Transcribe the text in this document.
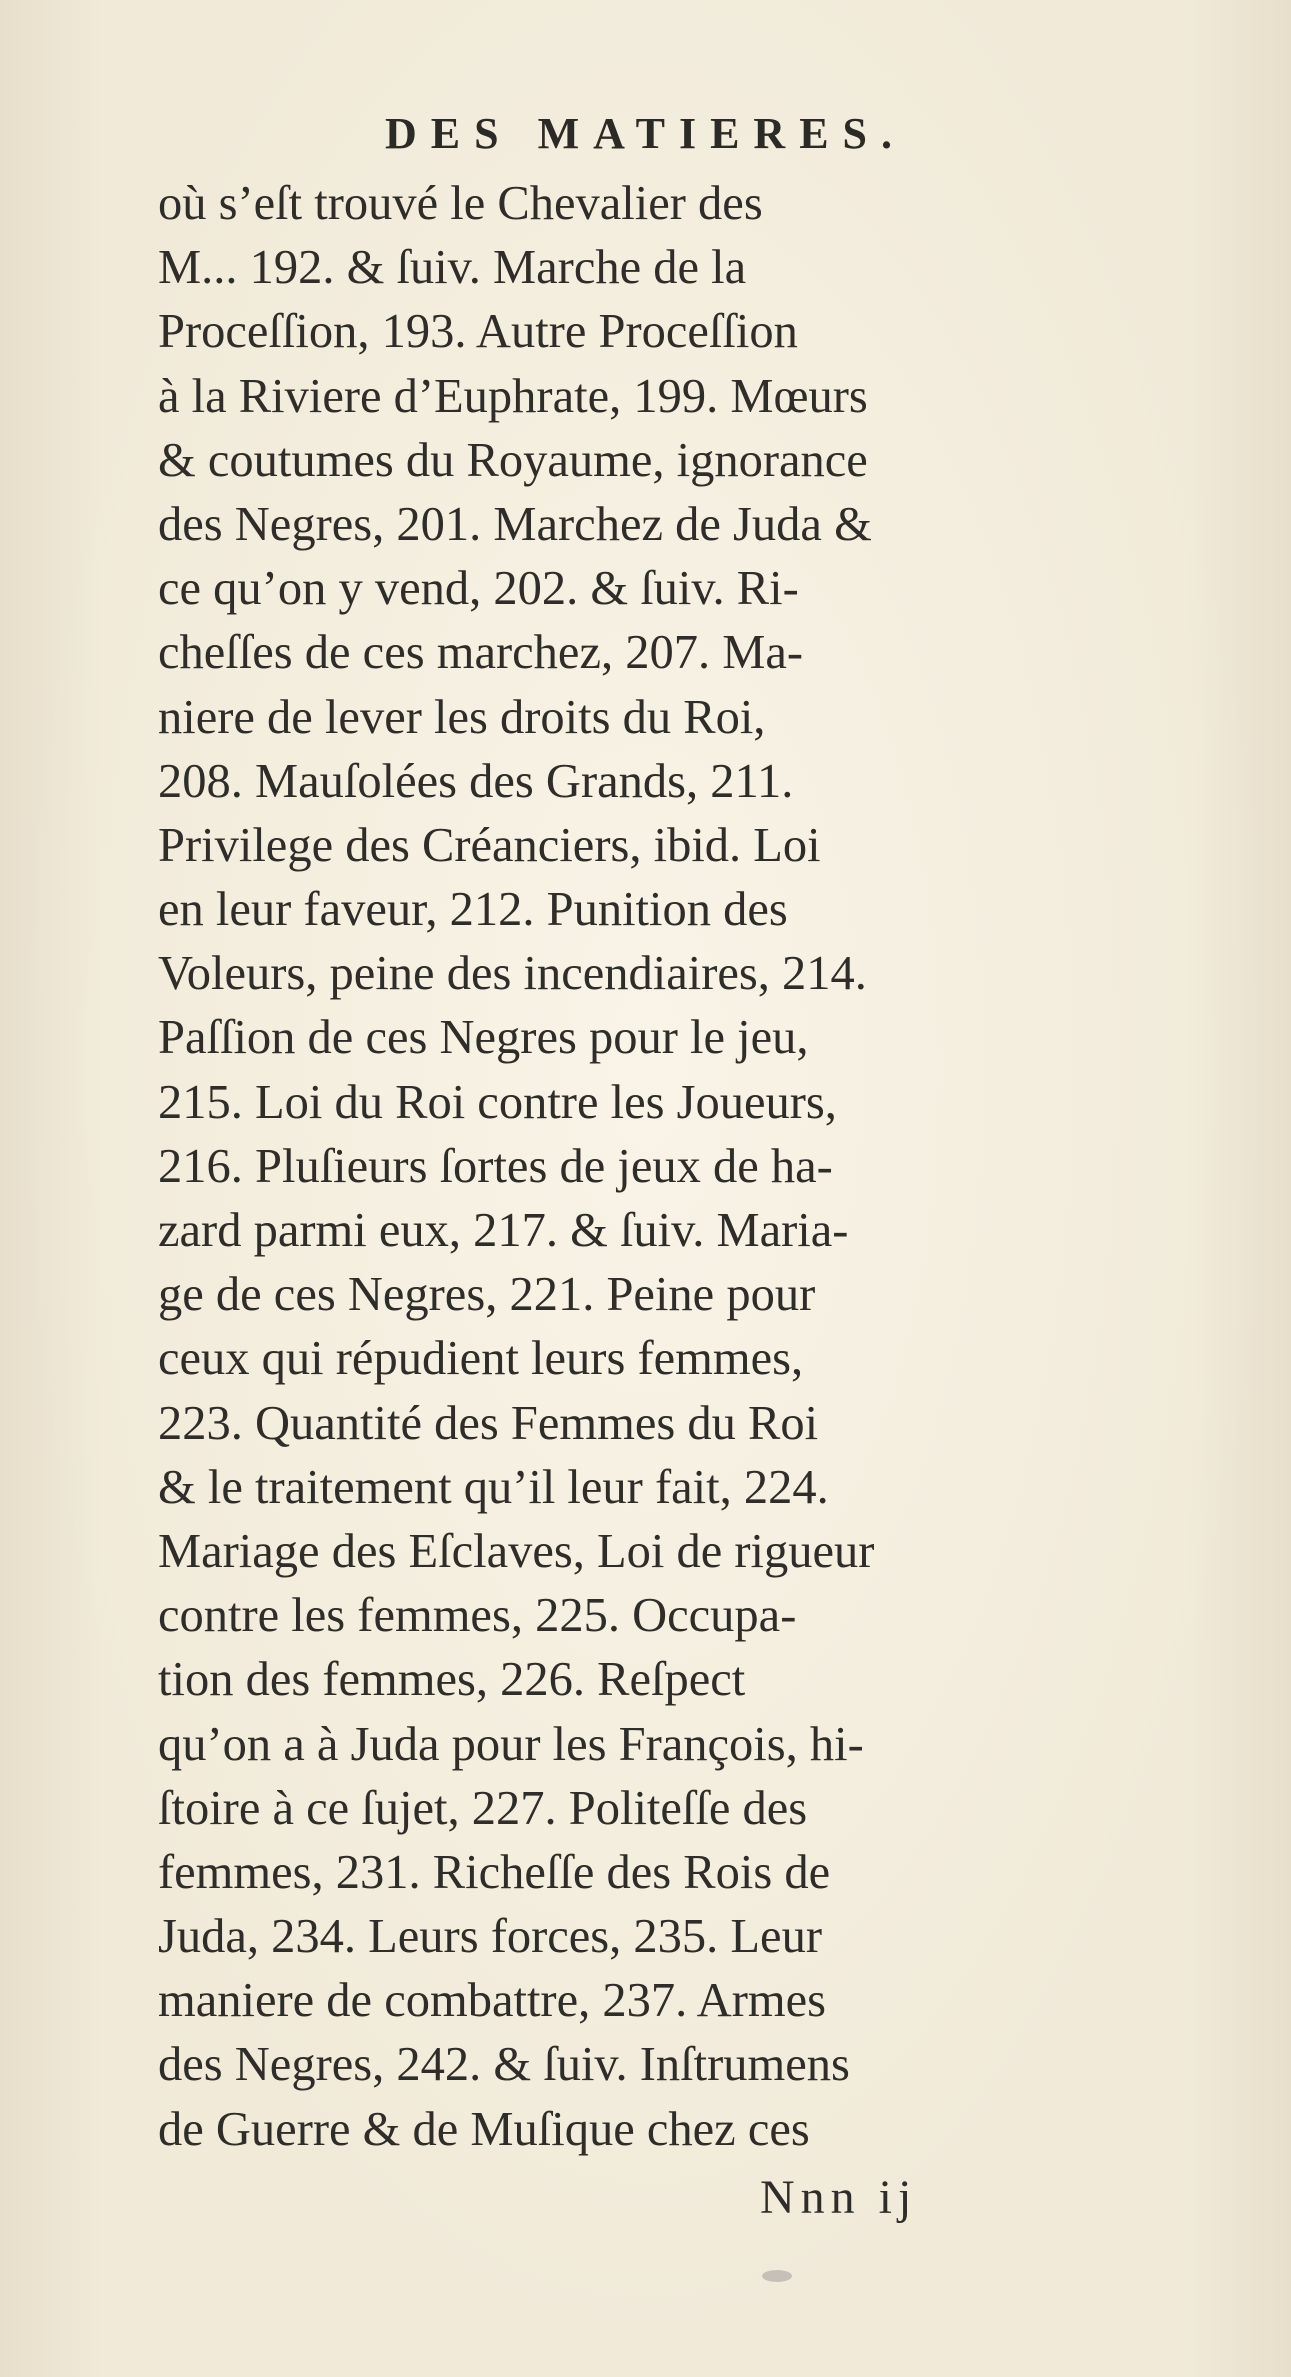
DES MATIERES.
où s’eſt trouvé le Chevalier des
M... 192. & ſuiv. Marche de la
Proceſſion, 193. Autre Proceſſion
à la Riviere d’Euphrate, 199. Mœurs
& coutumes du Royaume, ignorance
des Negres, 201. Marchez de Juda &
ce qu’on y vend, 202. & ſuiv. Ri-
cheſſes de ces marchez, 207. Ma-
niere de lever les droits du Roi,
208. Mauſolées des Grands, 211.
Privilege des Créanciers, ibid. Loi
en leur faveur, 212. Punition des
Voleurs, peine des incendiaires, 214.
Paſſion de ces Negres pour le jeu,
215. Loi du Roi contre les Joueurs,
216. Pluſieurs ſortes de jeux de ha-
zard parmi eux, 217. & ſuiv. Maria-
ge de ces Negres, 221. Peine pour
ceux qui répudient leurs femmes,
223. Quantité des Femmes du Roi
& le traitement qu’il leur fait, 224.
Mariage des Eſclaves, Loi de rigueur
contre les femmes, 225. Occupa-
tion des femmes, 226. Reſpect
qu’on a à Juda pour les François, hi-
ſtoire à ce ſujet, 227. Politeſſe des
femmes, 231. Richeſſe des Rois de
Juda, 234. Leurs forces, 235. Leur
maniere de combattre, 237. Armes
des Negres, 242. & ſuiv. Inſtrumens
de Guerre & de Muſique chez ces
Nnn ij
